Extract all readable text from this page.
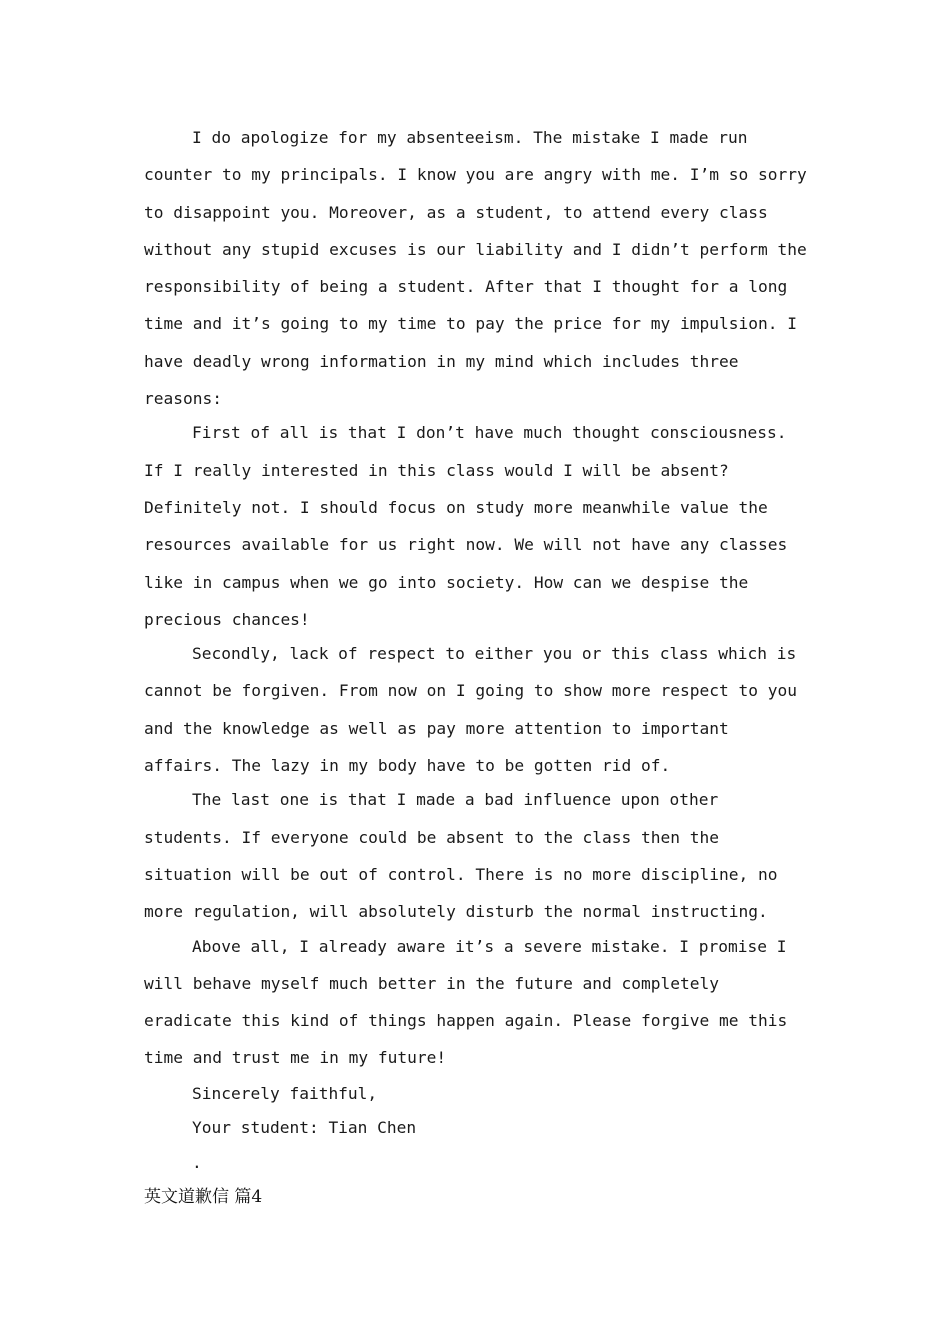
I do apologize for my absenteeism. The mistake I made run counter to my principals. I know you are angry with me. I’m so sorry to disappoint you. Moreover, as a student, to attend every class without any stupid excuses is our liability and I didn’t perform the responsibility of being a student. After that I thought for a long time and it’s going to my time to pay the price for my impulsion. I have deadly wrong information in my mind which includes three reasons:

First of all is that I don’t have much thought consciousness. If I really interested in this class would I will be absent? Definitely not. I should focus on study more meanwhile value the resources available for us right now. We will not have any classes like in campus when we go into society. How can we despise the precious chances!

Secondly, lack of respect to either you or this class which is cannot be forgiven. From now on I going to show more respect to you and the knowledge as well as pay more attention to important affairs. The lazy in my body have to be gotten rid of.

The last one is that I made a bad influence upon other students. If everyone could be absent to the class then the situation will be out of control. There is no more discipline, no more regulation, will absolutely disturb the normal instructing.

Above all, I already aware it’s a severe mistake. I promise I will behave myself much better in the future and completely eradicate this kind of things happen again. Please forgive me this time and trust me in my future!

Sincerely faithful,

Your student: Tian Chen

.

英文道歉信 篇4
